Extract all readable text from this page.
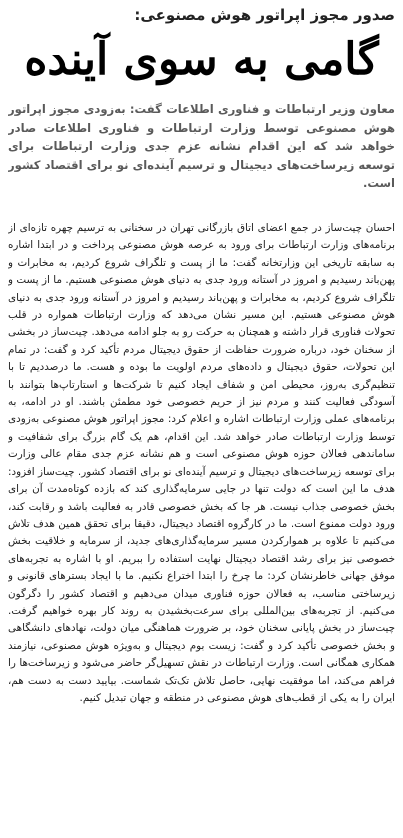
صدور مجوز اپراتور هوش مصنوعی:
گامی به سوی آینده

معاون وزیر ارتباطات و فناوری اطلاعات گفت: به‌زودی مجوز اپراتور هوش مصنوعی توسط وزارت ارتباطات و فناوری اطلاعات صادر خواهد شد که این اقدام نشانه عزم جدی وزارت ارتباطات برای توسعه زیرساخت‌های دیجیتال و ترسیم آینده‌ای نو برای اقتصاد کشور است.

احسان چیت‌ساز در جمع اعضای اتاق بازرگانی تهران در سخنانی به ترسیم چهره تازه‌ای از برنامه‌های وزارت ارتباطات برای ورود به عرصه هوش مصنوعی پرداخت و در ابتدا اشاره به سابقه تاریخی این وزارتخانه گفت: ما از پست و تلگراف شروع کردیم، به مخابرات و پهن‌باند رسیدیم و امروز در آستانه ورود جدی به دنیای هوش مصنوعی هستیم. ما از پست و تلگراف شروع کردیم، به مخابرات و پهن‌باند رسیدیم و امروز در آستانه ورود جدی به دنیای هوش مصنوعی هستیم. این مسیر نشان می‌دهد که وزارت ارتباطات همواره در قلب تحولات فناوری قرار داشته و همچنان به حرکت رو به جلو ادامه می‌دهد. چیت‌ساز در بخشی از سخنان خود، درباره ضرورت حفاظت از حقوق دیجیتال مردم تأکید کرد و گفت: در تمام این تحولات، حقوق دیجیتال و داده‌های مردم اولویت ما بوده و هست. ما درصددیم تا با تنظیم‌گری به‌روز، محیطی امن و شفاف ایجاد کنیم تا شرکت‌ها و استارتاپ‌ها بتوانند با آسودگی فعالیت کنند و مردم نیز از حریم خصوصی خود مطمئن باشند. او در ادامه، به برنامه‌های عملی وزارت ارتباطات اشاره و اعلام کرد: مجوز اپراتور هوش مصنوعی به‌زودی توسط وزارت ارتباطات صادر خواهد شد. این اقدام، هم یک گام بزرگ برای شفافیت و ساماندهی فعالان حوزه هوش مصنوعی است و هم نشانه عزم جدی مقام عالی وزارت برای توسعه زیرساخت‌های دیجیتال و ترسیم آینده‌ای نو برای اقتصاد کشور. چیت‌ساز افزود: هدف ما این است که دولت تنها در جایی سرمایه‌گذاری کند که بازده کوتاه‌مدت آن برای بخش خصوصی جذاب نیست. هر جا که بخش خصوصی قادر به فعالیت باشد و رقابت کند، ورود دولت ممنوع است. ما در کارگروه اقتصاد دیجیتال، دقیقا برای تحقق همین هدف تلاش می‌کنیم تا علاوه بر هموارکردن مسیر سرمایه‌گذاری‌های جدید، از سرمایه و خلاقیت بخش خصوصی نیز برای رشد اقتصاد دیجیتال نهایت استفاده را ببریم. او با اشاره به تجربه‌های موفق جهانی خاطرنشان کرد: ما چرخ را ابتدا اختراع نکنیم. ما با ایجاد بسترهای قانونی و زیرساختی مناسب، به فعالان حوزه فناوری میدان می‌دهیم و اقتصاد کشور را دگرگون می‌کنیم. از تجربه‌های بین‌المللی برای سرعت‌بخشیدن به روند کار بهره خواهیم گرفت. چیت‌ساز در بخش پایانی سخنان خود، بر ضرورت هماهنگی میان دولت، نهادهای دانشگاهی و بخش خصوصی تأکید کرد و گفت: زیست بوم دیجیتال و به‌ویژه هوش مصنوعی، نیازمند همکاری همگانی است. وزارت ارتباطات در نقش تسهیل‌گر حاضر می‌شود و زیرساخت‌ها را فراهم می‌کند، اما موفقیت نهایی، حاصل تلاش تک‌تک شماست. بیایید دست به دست هم، ایران را به یکی از قطب‌های هوش مصنوعی در منطقه و جهان تبدیل کنیم.
